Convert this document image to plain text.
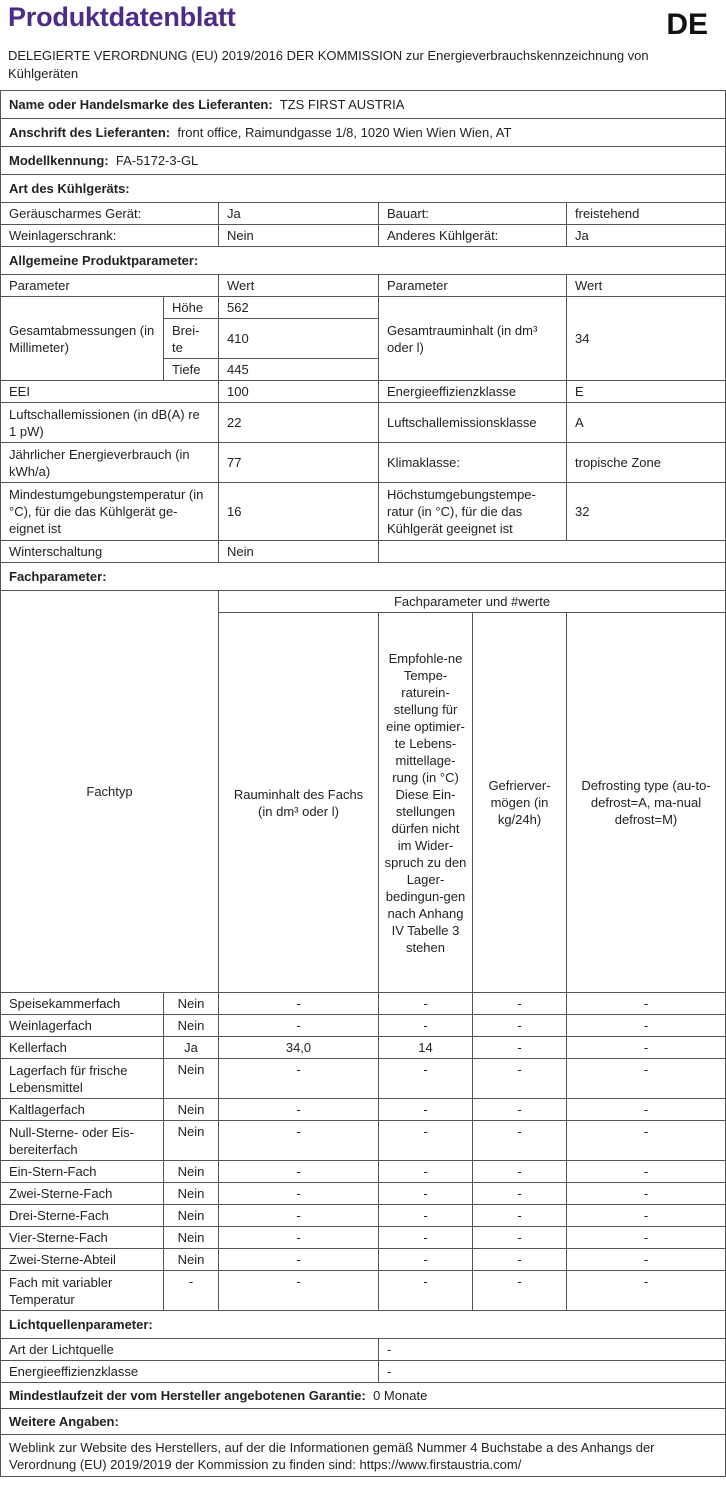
Produktdatenblatt	DE
DELEGIERTE VERORDNUNG (EU) 2019/2016 DER KOMMISSION zur Energieverbrauchskennzeichnung von Kühlgeräten
Name oder Handelsmarke des Lieferanten: TZS FIRST AUSTRIA					
Anschrift des Lieferanten: front office, Raimundgasse 1/8, 1020 Wien Wien Wien, AT					
Modellkennung: FA-5172-3-GL					
Art des Kühlgeräts:					
Geräuscharmes Gerät:		Ja	Bauart:		freistehend
Weinlagerschrank:		Nein	Anderes Kühlgerät:		Ja
Allgemeine Produktparameter:					
Parameter		Wert	Parameter		Wert
Gesamtabmessungen (in Millimeter)	Höhe	562	Gesamtrauminhalt (in dm³ oder l)		34
	Brei-te	410			
	Tiefe	445			
EEI		100	Energieeffizienzklasse		E
Luftschallemissionen (in dB(A) re 1 pW)		22	Luftschallemissionsklasse		A
Jährlicher Energieverbrauch (in kWh/a)		77	Klimaklasse:		tropische Zone
Mindestumgebungstemperatur (in °C), für die das Kühlgerät ge-eignet ist		16	Höchstumgebungstempe-ratur (in °C), für die das Kühlgerät geeignet ist		32
Winterschaltung		Nein			
Fachparameter:					
Fachtyp		Fachparameter und #werte			
		Rauminhalt des Fachs (in dm³ oder l)	Empfohle-ne Tempe-raturein-stellung für eine optimier-te Lebens-mittellage-rung (in °C) Diese Ein-stellungen dürfen nicht im Wider-spruch zu den Lager-bedingun-gen nach Anhang IV Tabelle 3 stehen	Gefrierver-mögen (in kg/24h)	Defrosting type (au-to-defrost=A, ma-nual defrost=M)
Speisekammerfach	Nein	-	-	-	-
Weinlagerfach	Nein	-	-	-	-
Kellerfach	Ja	34,0	14	-	-
Lagerfach für frische Lebensmittel	Nein	-	-	-	-
Kaltlagerfach	Nein	-	-	-	-
Null-Sterne- oder Eis-bereiterfach	Nein	-	-	-	-
Ein-Stern-Fach	Nein	-	-	-	-
Zwei-Sterne-Fach	Nein	-	-	-	-
Drei-Sterne-Fach	Nein	-	-	-	-
Vier-Sterne-Fach	Nein	-	-	-	-
Zwei-Sterne-Abteil	Nein	-	-	-	-
Fach mit variabler Temperatur	-	-	-	-	-
Lichtquellenparameter:					
Art der Lichtquelle			-		
Energieeffizienzklasse			-		
Mindestlaufzeit der vom Hersteller angebotenen Garantie: 0 Monate					
Weitere Angaben:					
Weblink zur Website des Herstellers, auf der die Informationen gemäß Nummer 4 Buchstabe a des Anhangs der Verordnung (EU) 2019/2019 der Kommission zu finden sind: https://www.firstaustria.com/					
